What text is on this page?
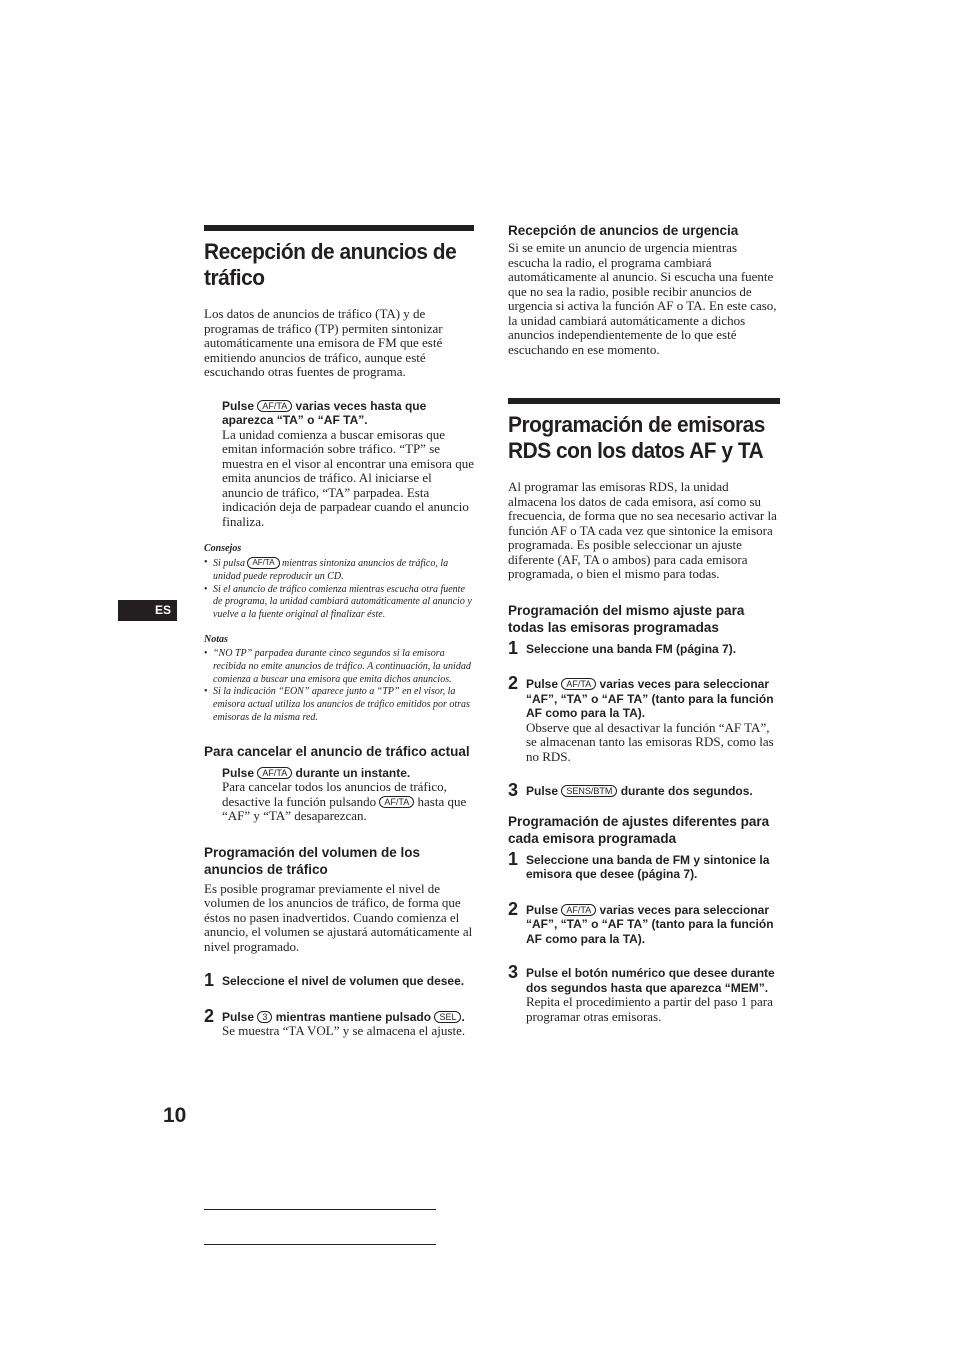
ES
10
Recepción de anuncios de tráfico

Los datos de anuncios de tráfico (TA) y de programas de tráfico (TP) permiten sintonizar automáticamente una emisora de FM que esté emitiendo anuncios de tráfico, aunque esté escuchando otras fuentes de programa.

Pulse AF/TA varias veces hasta que aparezca “TA” o “AF TA”.

La unidad comienza a buscar emisoras que emitan información sobre tráfico. “TP” se muestra en el visor al encontrar una emisora que emita anuncios de tráfico. Al iniciarse el anuncio de tráfico, “TA” parpadea. Esta indicación deja de parpadear cuando el anuncio finaliza.

Consejos

• Si pulsa AF/TA mientras sintoniza anuncios de tráfico, la unidad puede reproducir un CD.
• Si el anuncio de tráfico comienza mientras escucha otra fuente de programa, la unidad cambiará automáticamente al anuncio y vuelve a la fuente original al finalizar éste.

Notas

• “NO TP” parpadea durante cinco segundos si la emisora recibida no emite anuncios de tráfico. A continuación, la unidad comienza a buscar una emisora que emita dichos anuncios.
• Si la indicación “EON” aparece junto a “TP” en el visor, la emisora actual utiliza los anuncios de tráfico emitidos por otras emisoras de la misma red.
Para cancelar el anuncio de tráfico actual
Pulse AF/TA durante un instante.

Para cancelar todos los anuncios de tráfico, desactive la función pulsando AF/TA hasta que “AF” y “TA” desaparezcan.

Programación del volumen de los anuncios de tráfico

Es posible programar previamente el nivel de volumen de los anuncios de tráfico, de forma que éstos no pasen inadvertidos. Cuando comienza el anuncio, el volumen se ajustará automáticamente al nivel programado.

1 Seleccione el nivel de volumen que desee.
2 Pulse 3 mientras mantiene pulsado SEL .

Se muestra “TA VOL” y se almacena el ajuste.

Recepción de anuncios de urgencia

Si se emite un anuncio de urgencia mientras escucha la radio, el programa cambiará automáticamente al anuncio. Si escucha una fuente que no sea la radio, posible recibir anuncios de urgencia si activa la función AF o TA. En este caso, la unidad cambiará automáticamente a dichos anuncios independientemente de lo que esté escuchando en ese momento.

Programación de emisoras RDS con los datos AF y TA

Al programar las emisoras RDS, la unidad almacena los datos de cada emisora, así como su frecuencia, de forma que no sea necesario activar la función AF o TA cada vez que sintonice la emisora programada. Es posible seleccionar un ajuste diferente (AF, TA o ambos) para cada emisora programada, o bien el mismo para todas.

Programación del mismo ajuste para todas las emisoras programadas
1 Seleccione una banda FM (página 7).
2 Pulse AF/TA varias veces para seleccionar “AF”, “TA” o “AF TA” (tanto para la función AF como para la TA).

Observe que al desactivar la función “AF TA”, se almacenan tanto las emisoras RDS, como las no RDS.

3 Pulse SENS/BTM durante dos segundos.
Programación de ajustes diferentes para cada emisora programada
1 Seleccione una banda de FM y sintonice la emisora que desee (página 7).
2 Pulse AF/TA varias veces para seleccionar “AF”, “TA” o “AF TA” (tanto para la función AF como para la TA).
3 Pulse el botón numérico que desee durante dos segundos hasta que aparezca “MEM”.

Repita el procedimiento a partir del paso 1 para programar otras emisoras.
